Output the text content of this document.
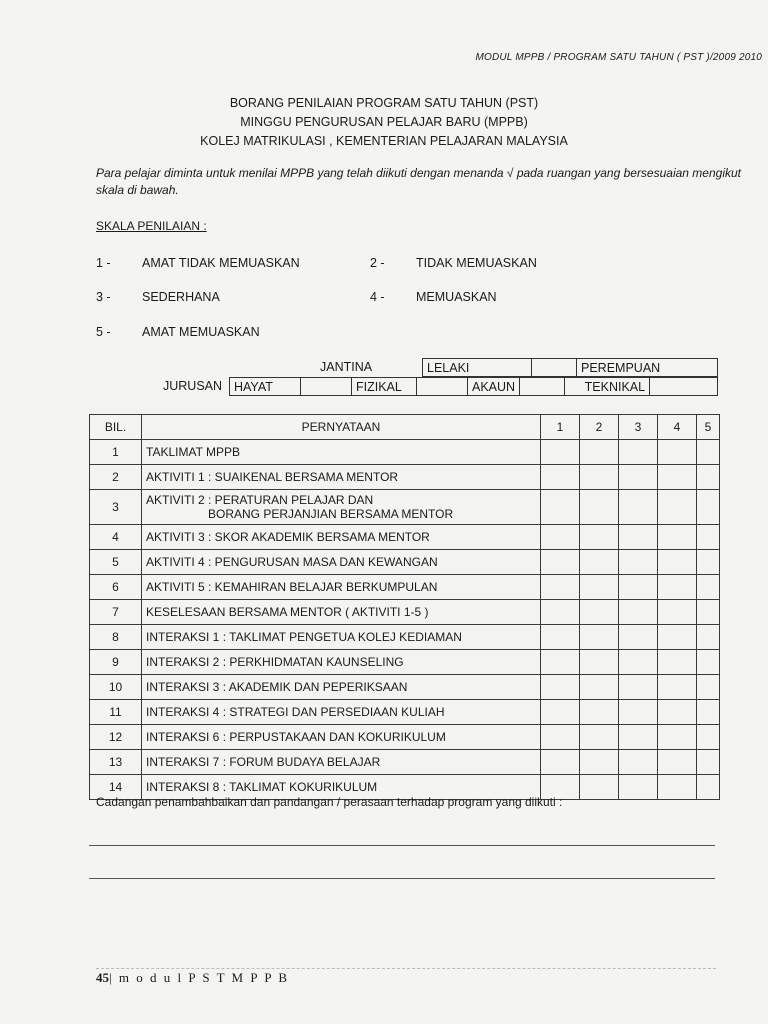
MODUL MPPB / PROGRAM SATU TAHUN ( PST )/2009 2010
BORANG PENILAIAN PROGRAM SATU TAHUN (PST)
MINGGU PENGURUSAN PELAJAR BARU (MPPB)
KOLEJ MATRIKULASI , KEMENTERIAN PELAJARAN MALAYSIA
Para pelajar diminta untuk menilai MPPB yang telah diikuti dengan menanda √ pada ruangan yang bersesuaian mengikut skala di bawah.
SKALA PENILAIAN :
1 -	AMAT TIDAK MEMUASKAN	2 -	TIDAK MEMUASKAN
3 -	SEDERHANA	4 -	MEMUASKAN
5 -	AMAT MEMUASKAN
JANTINA	LELAKI		PEREMPUAN
JURUSAN HAYAT		FIZIKAL		AKAUN		TEKNIKAL	
BIL.	PERNYATAAN	1	2	3	4	5
1	TAKLIMAT MPPB					

2	AKTIVITI 1 : SUAIKENAL BERSAMA MENTOR					

3	AKTIVITI 2 : PERATURAN PELAJAR DAN
BORANG PERJANJIAN BERSAMA MENTOR					

4	AKTIVITI 3 : SKOR AKADEMIK BERSAMA MENTOR					

5	AKTIVITI 4 : PENGURUSAN MASA DAN KEWANGAN					

6	AKTIVITI 5 : KEMAHIRAN BELAJAR BERKUMPULAN					

7	KESELESAAN BERSAMA MENTOR ( AKTIVITI 1-5 )					

8	INTERAKSI 1 : TAKLIMAT PENGETUA KOLEJ KEDIAMAN					

9	INTERAKSI 2 : PERKHIDMATAN KAUNSELING					

10	INTERAKSI 3 : AKADEMIK DAN PEPERIKSAAN					

11	INTERAKSI 4 : STRATEGI DAN PERSEDIAAN KULIAH					

12	INTERAKSI 6 : PERPUSTAKAAN DAN KOKURIKULUM					

13	INTERAKSI 7 : FORUM BUDAYA BELAJAR					

14	INTERAKSI 8 : TAKLIMAT KOKURIKULUM					

Cadangan penambahbaikan dan pandangan / perasaan terhadap program yang diikuti :
45| m o d u l P S T M P P B
